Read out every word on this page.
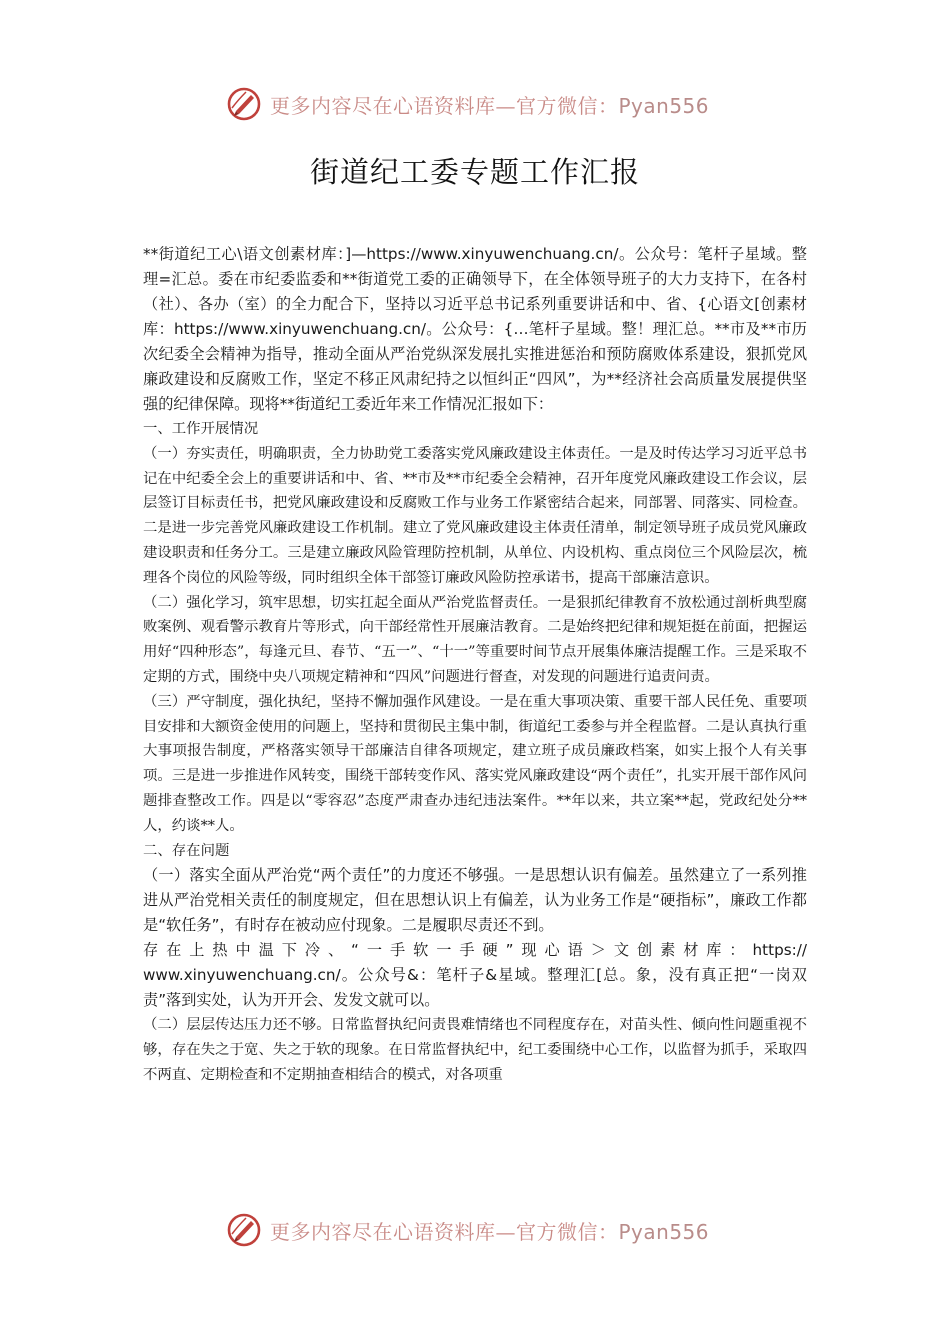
更多内容尽在心语资料库—官方微信：Pyan556
街道纪工委专题工作汇报

**街道纪工心\语文创素材库：]—https://www.xinyuwenchuang.cn/。公众号：笔杆子星域。整理=汇总。委在市纪委监委和**街道党工委的正确领导下，在全体领导班子的大力支持下，在各村（社）、各办（室）的全力配合下，坚持以习近平总书记系列重要讲话和中、省、{心语文[创素材库：https://www.xinyuwenchuang.cn/。公众号：{…笔杆子星域。整！理汇总。**市及**市历次纪委全会精神为指导，推动全面从严治党纵深发展扎实推进惩治和预防腐败体系建设，狠抓党风廉政建设和反腐败工作，坚定不移正风肃纪持之以恒纠正“四风”，为**经济社会高质量发展提供坚强的纪律保障。现将**街道纪工委近年来工作情况汇报如下：

一、工作开展情况

（一）夯实责任，明确职责，全力协助党工委落实党风廉政建设主体责任。一是及时传达学习习近平总书记在中纪委全会上的重要讲话和中、省、**市及**市纪委全会精神，召开年度党风廉政建设工作会议，层层签订目标责任书，把党风廉政建设和反腐败工作与业务工作紧密结合起来，同部署、同落实、同检查。二是进一步完善党风廉政建设工作机制。建立了党风廉政建设主体责任清单，制定领导班子成员党风廉政建设职责和任务分工。三是建立廉政风险管理防控机制，从单位、内设机构、重点岗位三个风险层次，梳理各个岗位的风险等级，同时组织全体干部签订廉政风险防控承诺书，提高干部廉洁意识。

（二）强化学习，筑牢思想，切实扛起全面从严治党监督责任。一是狠抓纪律教育不放松通过剖析典型腐败案例、观看警示教育片等形式，向干部经常性开展廉洁教育。二是始终把纪律和规矩挺在前面，把握运用好“四种形态”，每逢元旦、春节、“五一”、“十一”等重要时间节点开展集体廉洁提醒工作。三是采取不定期的方式，围绕中央八项规定精神和“四风”问题进行督查，对发现的问题进行追责问责。

（三）严守制度，强化执纪，坚持不懈加强作风建设。一是在重大事项决策、重要干部人民任免、重要项目安排和大额资金使用的问题上，坚持和贯彻民主集中制，街道纪工委参与并全程监督。二是认真执行重大事项报告制度，严格落实领导干部廉洁自律各项规定，建立班子成员廉政档案，如实上报个人有关事项。三是进一步推进作风转变，围绕干部转变作风、落实党风廉政建设“两个责任”，扎实开展干部作风问题排查整改工作。四是以“零容忍”态度严肃查办违纪违法案件。**年以来，共立案**起，党政纪处分**人，约谈**人。

二、存在问题

（一）落实全面从严治党“两个责任”的力度还不够强。一是思想认识有偏差。虽然建立了一系列推进从严治党相关责任的制度规定，但在思想认识上有偏差，认为业务工作是“硬指标”，廉政工作都是“软任务”，有时存在被动应付现象。二是履职尽责还不到。

存在上热中温下冷、“一手软一手硬”现心语＞文创素材库：https://

www.xinyuwenchuang.cn/。公众号&：笔杆子&星域。整理汇[总。象，没有真正把“一岗双责”落到实处，认为开开会、发发文就可以。

（二）层层传达压力还不够。日常监督执纪问责畏难情绪也不同程度存在，对苗头性、倾向性问题重视不够，存在失之于宽、失之于软的现象。在日常监督执纪中，纪工委围绕中心工作，以监督为抓手，采取四不两直、定期检查和不定期抽查相结合的模式，对各项重

更多内容尽在心语资料库—官方微信：Pyan556
